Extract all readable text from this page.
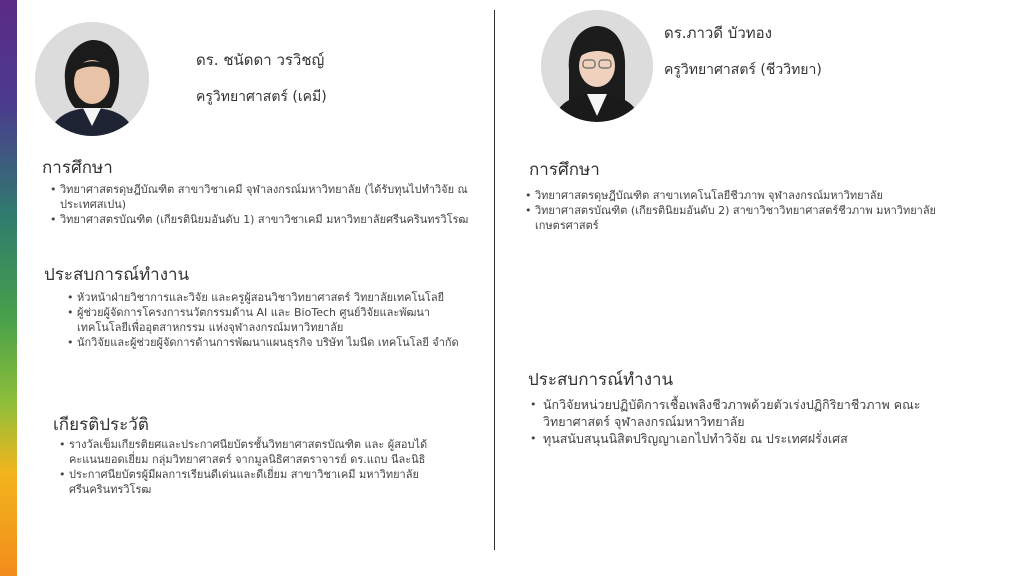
ดร. ชนัดดา วรวิชญ์
ครูวิทยาศาสตร์ (เคมี)
การศึกษา
• วิทยาศาสตรดุษฎีบัณฑิต สาขาวิชาเคมี จุฬาลงกรณ์มหาวิทยาลัย (ได้รับทุนไปทำวิจัย ณ ประเทศสเปน)
• วิทยาศาสตรบัณฑิต (เกียรตินิยมอันดับ 1) สาขาวิชาเคมี มหาวิทยาลัยศรีนครินทรวิโรฒ
ประสบการณ์ทำงาน
• หัวหน้าฝ่ายวิชาการและวิจัย และครูผู้สอนวิชาวิทยาศาสตร์ วิทยาลัยเทคโนโลยี
• ผู้ช่วยผู้จัดการโครงการนวัตกรรมด้าน AI และ BioTech ศูนย์วิจัยและพัฒนาเทคโนโลยีเพื่ออุตสาหกรรม แห่งจุฬาลงกรณ์มหาวิทยาลัย
• นักวิจัยและผู้ช่วยผู้จัดการด้านการพัฒนาแผนธุรกิจ บริษัท ไมนีด เทคโนโลยี จำกัด
เกียรติประวัติ
• รางวัลเข็มเกียรติยศและประกาศนียบัตรชั้นวิทยาศาสตรบัณฑิต และ ผู้สอบได้คะแนนยอดเยี่ยม กลุ่มวิทยาศาสตร์ จากมูลนิธิศาสตราจารย์ ดร.แถบ นีละนิธิ
• ประกาศนียบัตรผู้มีผลการเรียนดีเด่นและดีเยี่ยม สาขาวิชาเคมี มหาวิทยาลัยศรีนครินทรวิโรฒ
ดร.ภาวดี บัวทอง
ครูวิทยาศาสตร์ (ชีววิทยา)
การศึกษา
• วิทยาศาสตรดุษฎีบัณฑิต สาขาเทคโนโลยีชีวภาพ จุฬาลงกรณ์มหาวิทยาลัย
• วิทยาศาสตรบัณฑิต (เกียรตินิยมอันดับ 2) สาขาวิชาวิทยาศาสตร์ชีวภาพ มหาวิทยาลัยเกษตรศาสตร์
ประสบการณ์ทำงาน
• นักวิจัยหน่วยปฏิบัติการเชื้อเพลิงชีวภาพด้วยตัวเร่งปฏิกิริยาชีวภาพ คณะวิทยาศาสตร์ จุฬาลงกรณ์มหาวิทยาลัย
• ทุนสนับสนุนนิสิตปริญญาเอกไปทำวิจัย ณ ประเทศฝรั่งเศส
